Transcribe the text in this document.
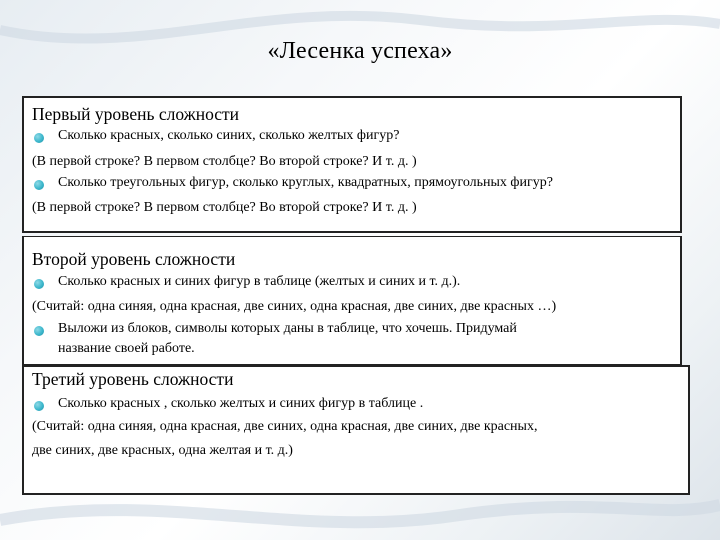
«Лесенка успеха»
Первый уровень сложности
Сколько красных, сколько синих, сколько желтых фигур?
(В первой строке? В первом столбце? Во второй строке? И т. д. )
Сколько треугольных фигур, сколько круглых, квадратных, прямоугольных фигур?
(В первой строке? В первом столбце? Во второй строке? И т. д. )
Второй уровень сложности
Сколько красных и синих фигур в таблице (желтых и синих и т. д.).
(Считай: одна синяя, одна красная, две синих, одна красная, две синих, две красных …)
Выложи из блоков, символы которых даны в таблице, что хочешь. Придумай
название своей работе.
Третий уровень сложности
Сколько красных , сколько желтых и синих фигур в таблице .
(Считай: одна синяя, одна красная, две синих, одна красная, две синих, две красных,
две синих, две красных, одна желтая и т. д.)
